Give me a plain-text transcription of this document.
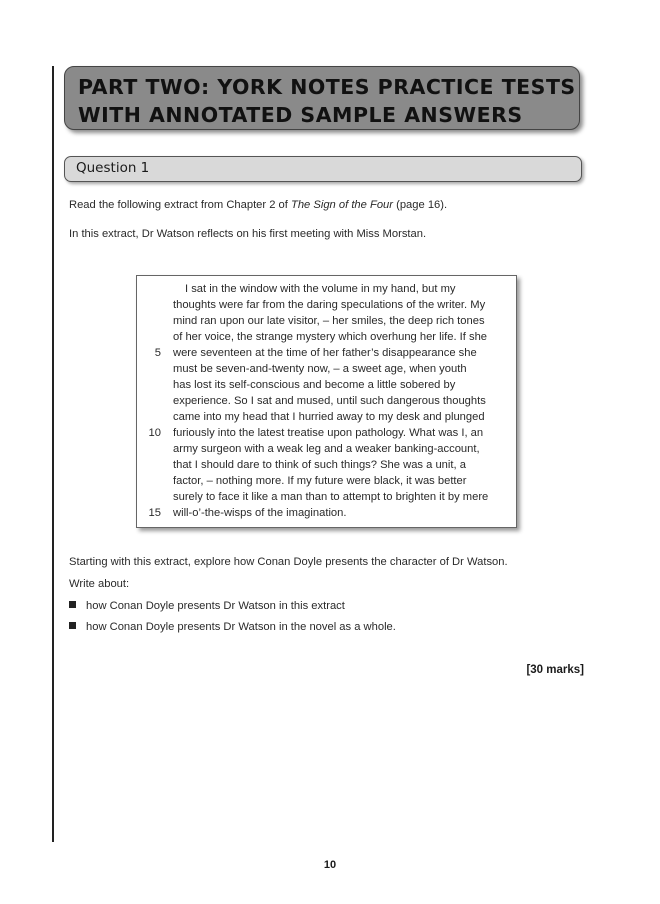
PART TWO: YORK NOTES PRACTICE TESTS
WITH ANNOTATED SAMPLE ANSWERS
Question 1
Read the following extract from Chapter 2 of The Sign of the Four (page 16).
In this extract, Dr Watson reflects on his first meeting with Miss Morstan.
I sat in the window with the volume in my hand, but my
thoughts were far from the daring speculations of the writer. My
mind ran upon our late visitor, – her smiles, the deep rich tones
of her voice, the strange mystery which overhung her life. If she
5 were seventeen at the time of her father’s disappearance she
must be seven-and-twenty now, – a sweet age, when youth
has lost its self-conscious and become a little sobered by
experience. So I sat and mused, until such dangerous thoughts
came into my head that I hurried away to my desk and plunged
10 furiously into the latest treatise upon pathology. What was I, an
army surgeon with a weak leg and a weaker banking-account,
that I should dare to think of such things? She was a unit, a
factor, – nothing more. If my future were black, it was better
surely to face it like a man than to attempt to brighten it by mere
15 will-o’-the-wisps of the imagination.
Starting with this extract, explore how Conan Doyle presents the character of Dr Watson.
Write about:
how Conan Doyle presents Dr Watson in this extract
how Conan Doyle presents Dr Watson in the novel as a whole.
[30 marks]
10
